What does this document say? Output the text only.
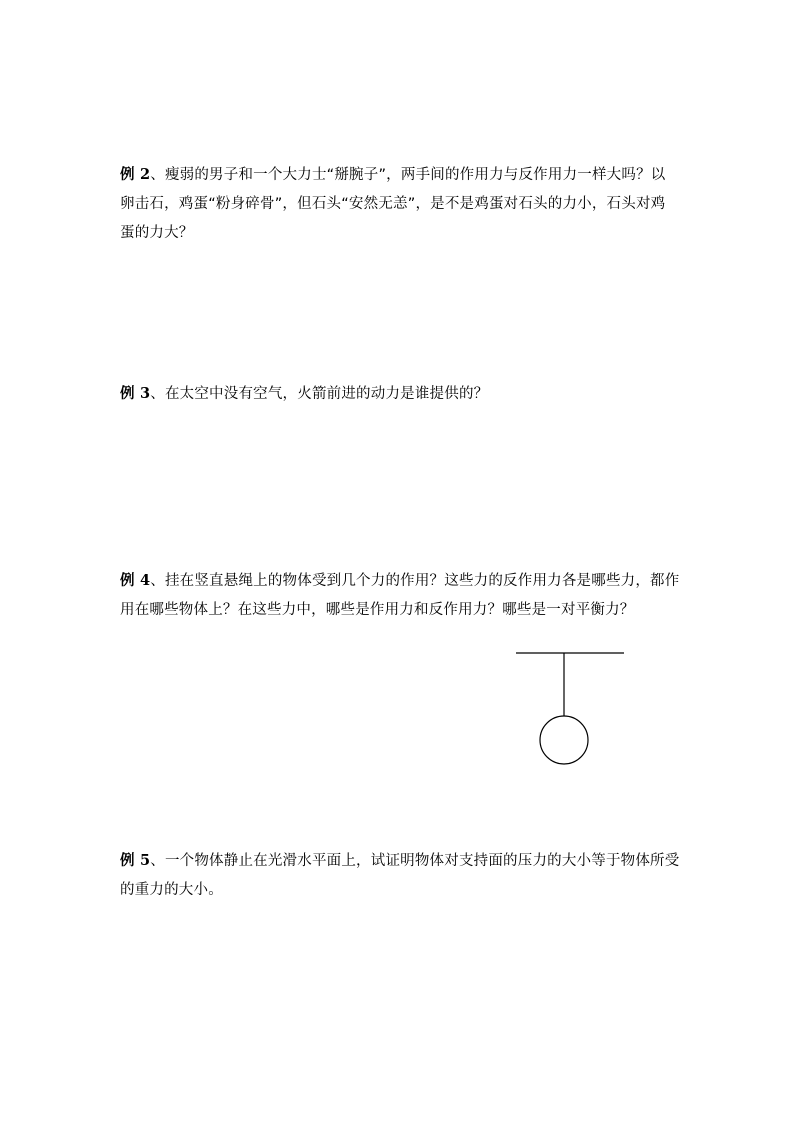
例 2、瘦弱的男子和一个大力士“掰腕子”，两手间的作用力与反作用力一样大吗？以卵击石，鸡蛋“粉身碎骨”，但石头“安然无恙”，是不是鸡蛋对石头的力小，石头对鸡蛋的力大？
例 3、在太空中没有空气，火箭前进的动力是谁提供的？
例 4、挂在竖直悬绳上的物体受到几个力的作用？这些力的反作用力各是哪些力，都作用在哪些物体上？在这些力中，哪些是作用力和反作用力？哪些是一对平衡力？
例 5、一个物体静止在光滑水平面上，试证明物体对支持面的压力的大小等于物体所受的重力的大小。
